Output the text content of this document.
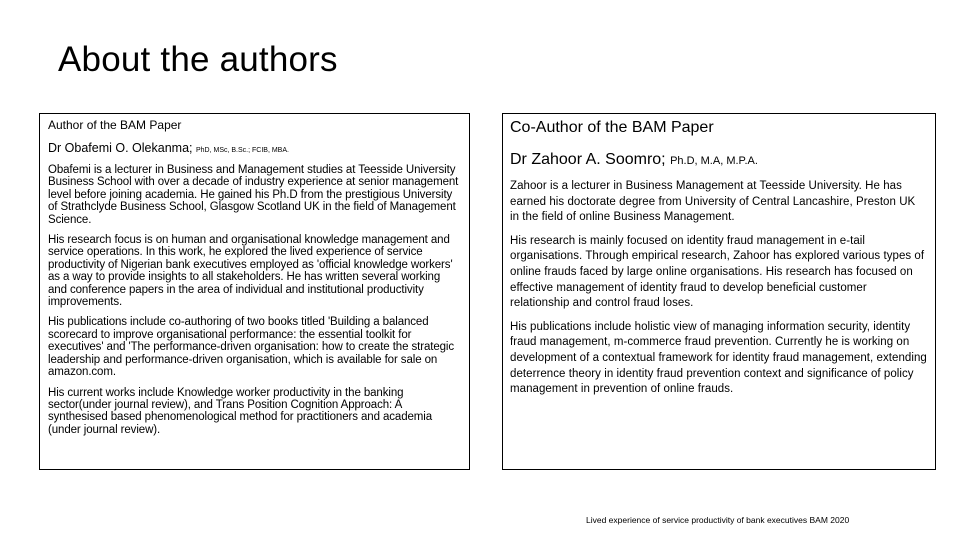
About the authors

Author of the BAM Paper

Dr Obafemi O. Olekanma; PhD, MSc, B.Sc.; FCIB, MBA.

Obafemi is a lecturer in Business and Management studies at Teesside University Business School with over a decade of industry experience at senior management level before joining academia. He gained his Ph.D from the prestigious University of Strathclyde Business School, Glasgow Scotland UK in the field of Management Science.

His research focus is on human and organisational knowledge management and service operations. In this work, he explored the lived experience of service productivity of Nigerian bank executives employed as 'official knowledge workers' as a way to provide insights to all stakeholders. He has written several working and conference papers in the area of individual and institutional productivity improvements.

His publications include co-authoring of two books titled 'Building a balanced scorecard to improve organisational performance: the essential toolkit for executives' and 'The performance-driven organisation: how to create the strategic leadership and performance-driven organisation, which is available for sale on amazon.com.

His current works include Knowledge worker productivity in the banking sector(under journal review), and Trans Position Cognition Approach: A synthesised based phenomenological method for practitioners and academia (under journal review).

Co-Author of the BAM Paper

Dr Zahoor A. Soomro; Ph.D, M.A, M.P.A.

Zahoor is a lecturer in Business Management at Teesside University. He has earned his doctorate degree from University of Central Lancashire, Preston UK in the field of online Business Management.

His research is mainly focused on identity fraud management in e-tail organisations. Through empirical research, Zahoor has explored various types of online frauds faced by large online organisations. His research has focused on effective management of identity fraud to develop beneficial customer relationship and control fraud loses.

His publications include holistic view of managing information security, identity fraud management, m-commerce fraud prevention. Currently he is working on development of a contextual framework for identity fraud management, extending deterrence theory in identity fraud prevention context and significance of policy management in prevention of online frauds.

Lived experience of service productivity of bank executives BAM 2020
